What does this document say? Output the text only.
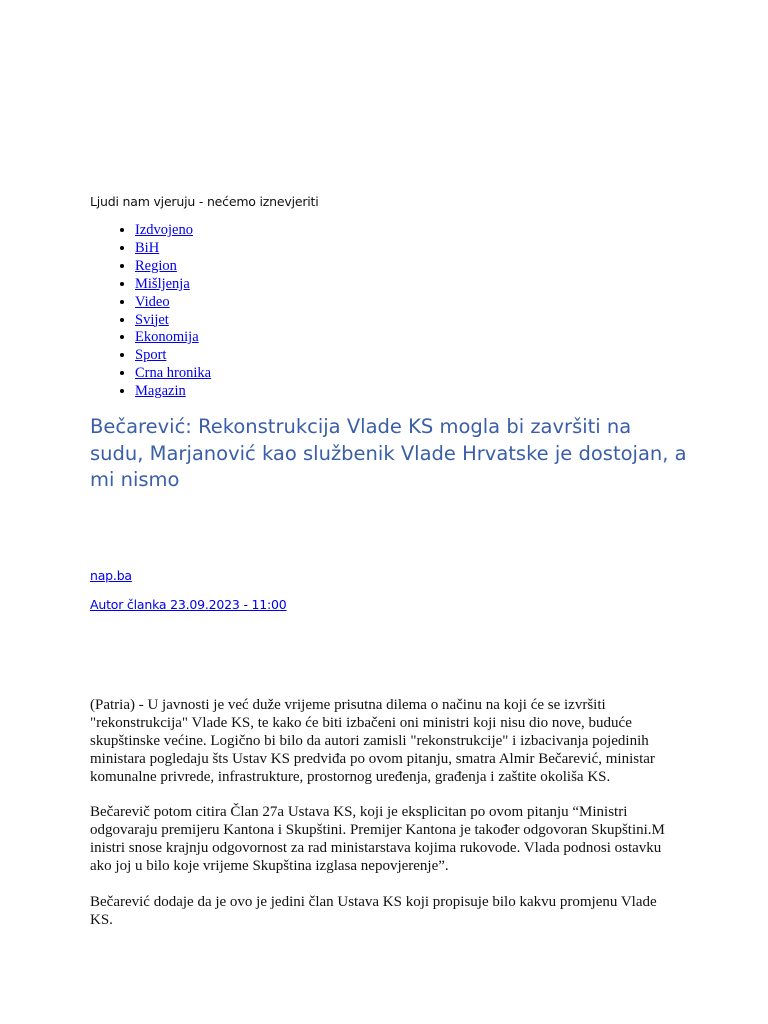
Ljudi nam vjeruju - nećemo iznevjeriti
• Izdvojeno
• BiH
• Region
• Mišljenja
• Video
• Svijet
• Ekonomija
• Sport
• Crna hronika
• Magazin
Bečarević: Rekonstrukcija Vlade KS mogla bi završiti na sudu, Marjanović kao službenik Vlade Hrvatske je dostojan, a mi nismo
nap.ba
Autor članka 23.09.2023 - 11:00

(Patria) - U javnosti je već duže vrijeme prisutna dilema o načinu na koji će se izvršiti "rekonstrukcija" Vlade KS, te kako će biti izbačeni oni ministri koji nisu dio nove, buduće skupštinske većine. Logično bi bilo da autori zamisli "rekonstrukcije" i izbacivanja pojedinih ministara pogledaju šts Ustav KS predviđa po ovom pitanju, smatra Almir Bečarević, ministar komunalne privrede, infrastrukture, prostornog uređenja, građenja i zaštite okoliša KS.

Bečarevič potom citira Član 27a Ustava KS, koji je eksplicitan po ovom pitanju “Ministri odgovaraju premijeru Kantona i Skupštini. Premijer Kantona je također odgovoran Skupštini.M inistri snose krajnju odgovornost za rad ministarstava kojima rukovode. Vlada podnosi ostavku ako joj u bilo koje vrijeme Skupština izglasa nepovjerenje”.

Bečarević dodaje da je ovo je jedini član Ustava KS koji propisuje bilo kakvu promjenu Vlade KS.
